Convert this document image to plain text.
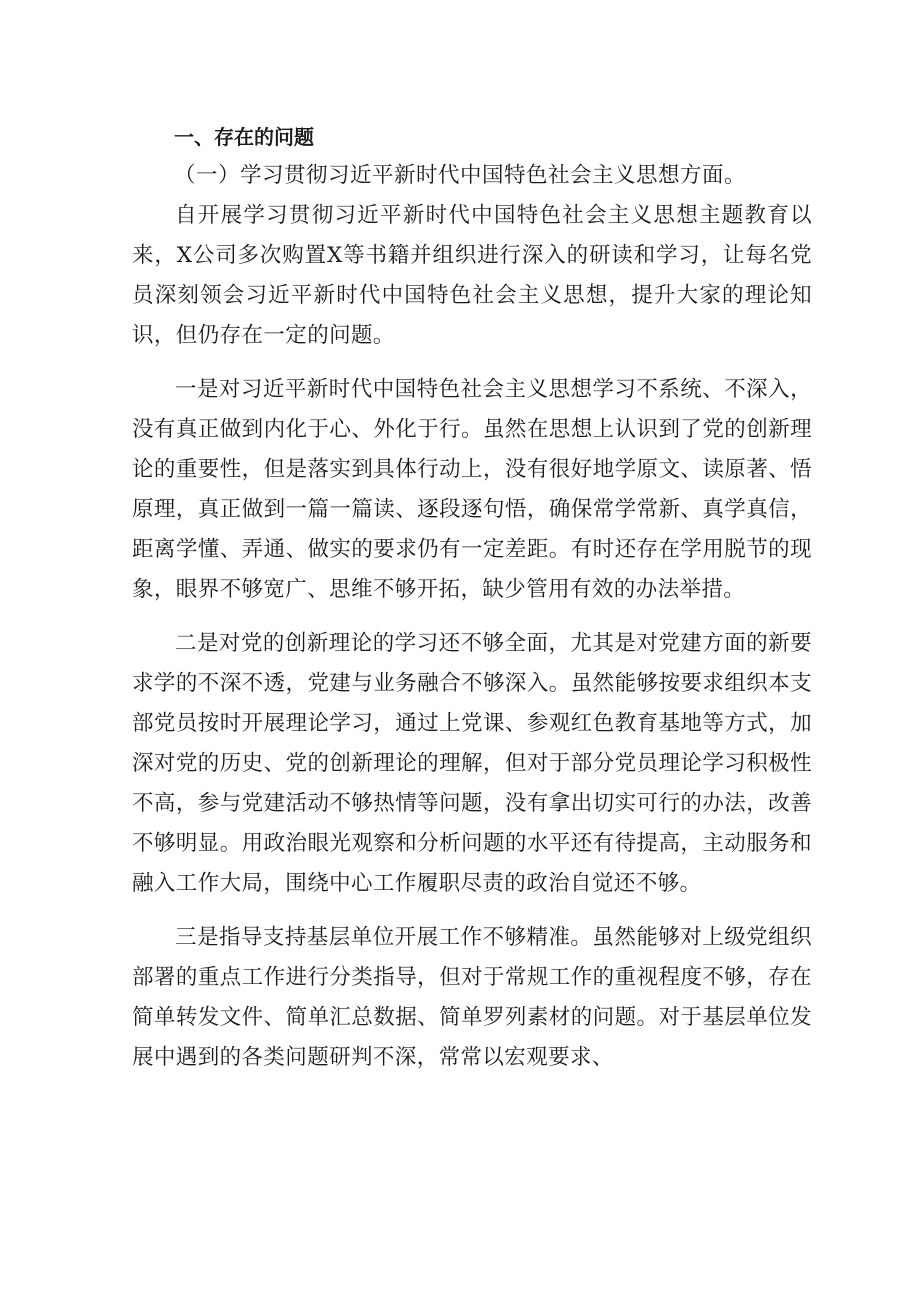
一、存在的问题
（一）学习贯彻习近平新时代中国特色社会主义思想方面。

自开展学习贯彻习近平新时代中国特色社会主义思想主题教育以来，X公司多次购置X等书籍并组织进行深入的研读和学习，让每名党员深刻领会习近平新时代中国特色社会主义思想，提升大家的理论知识，但仍存在一定的问题。

一是对习近平新时代中国特色社会主义思想学习不系统、不深入，没有真正做到内化于心、外化于行。虽然在思想上认识到了党的创新理论的重要性，但是落实到具体行动上，没有很好地学原文、读原著、悟原理，真正做到一篇一篇读、逐段逐句悟，确保常学常新、真学真信，距离学懂、弄通、做实的要求仍有一定差距。有时还存在学用脱节的现象，眼界不够宽广、思维不够开拓，缺少管用有效的办法举措。

二是对党的创新理论的学习还不够全面，尤其是对党建方面的新要求学的不深不透，党建与业务融合不够深入。虽然能够按要求组织本支部党员按时开展理论学习，通过上党课、参观红色教育基地等方式，加深对党的历史、党的创新理论的理解，但对于部分党员理论学习积极性不高，参与党建活动不够热情等问题，没有拿出切实可行的办法，改善不够明显。用政治眼光观察和分析问题的水平还有待提高，主动服务和融入工作大局，围绕中心工作履职尽责的政治自觉还不够。

三是指导支持基层单位开展工作不够精准。虽然能够对上级党组织部署的重点工作进行分类指导，但对于常规工作的重视程度不够，存在简单转发文件、简单汇总数据、简单罗列素材的问题。对于基层单位发展中遇到的各类问题研判不深，常常以宏观要求、
